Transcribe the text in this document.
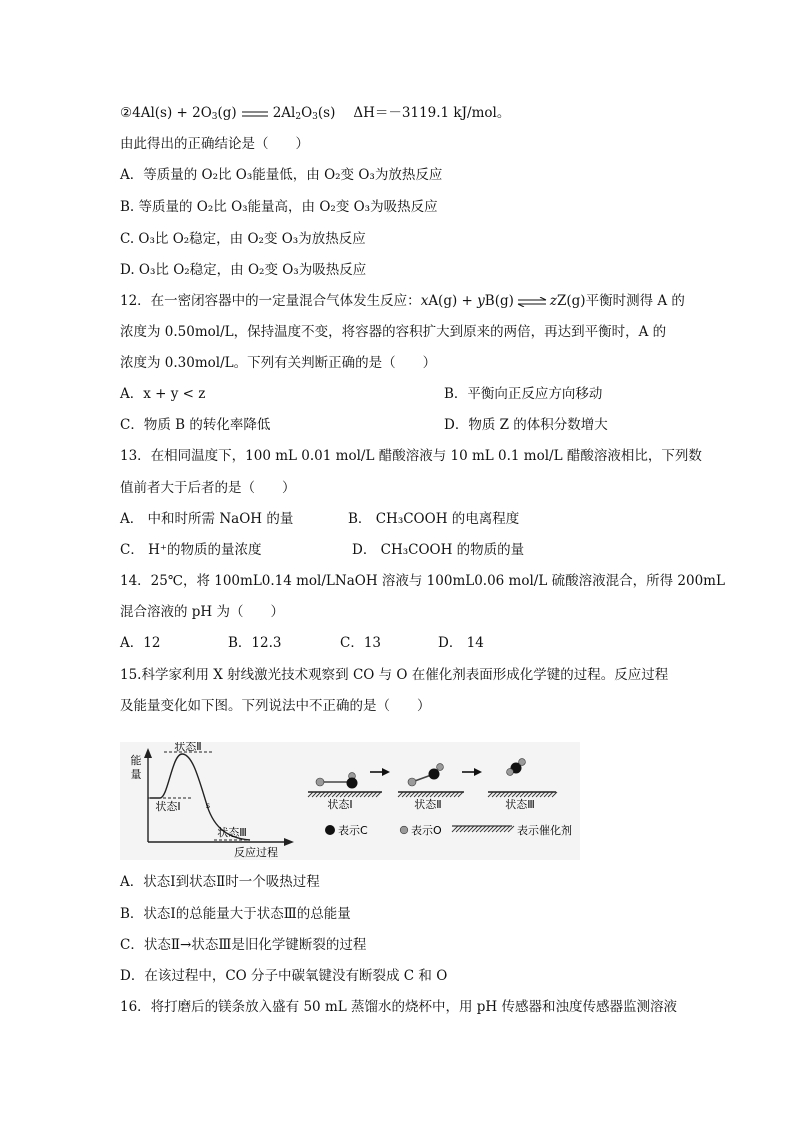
②4Al(s) + $2O_3(g)$	$2Al_2O_3(s)$ ΔH＝－3119.1 kJ/mol。
由此得出的正确结论是（　　）
A．等质量的 O₂比 O₃能量低，由 O₂变 O₃为放热反应
B. 等质量的 O₂比 O₃能量高，由 O₂变 O₃为吸热反应
C. O₃比 O₂稳定，由 O₂变 O₃为放热反应
D. O₃比 O₂稳定，由 O₂变 O₃为吸热反应
12．在一密闭容器中的一定量混合气体发生反应：xA(g) + yB(g) ⇌ zZ(g)平衡时测得 A 的
浓度为 0.50mol/L，保持温度不变，将容器的容积扩大到原来的两倍，再达到平衡时，A 的
浓度为 0.30mol/L。下列有关判断正确的是（　　）
A．x + y < z	B．平衡向正反应方向移动
C．物质 B 的转化率降低	D．物质 Z 的体积分数增大
13．在相同温度下，100 mL 0.01 mol/L 醋酸溶液与 10 mL 0.1 mol/L 醋酸溶液相比，下列数
值前者大于后者的是（　　）
A． 中和时所需 NaOH 的量	B． CH₃COOH 的电离程度
C． H⁺的物质的量浓度	D． CH₃COOH 的物质的量
14．25℃，将 100mL0.14 mol/LNaOH 溶液与 100mL0.06 mol/L 硫酸溶液混合，所得 200mL
混合溶液的 pH 为（　　）
A．12	B．12.3	C．13	D． 14
15.科学家利用 X 射线激光技术观察到 CO 与 O 在催化剂表面形成化学键的过程。反应过程
及能量变化如下图。下列说法中不正确的是（　　）
能
量
反应过程
状态Ⅱ
状态Ⅰ
状态Ⅲ
s	状态Ⅰ	状态Ⅱ	状态Ⅲ
表示C	表示O	表示催化剂
A．状态Ⅰ到状态Ⅱ时一个吸热过程
B．状态Ⅰ的总能量大于状态Ⅲ的总能量
C．状态Ⅱ→状态Ⅲ是旧化学键断裂的过程
D．在该过程中，CO 分子中碳氧键没有断裂成 C 和 O
16．将打磨后的镁条放入盛有 50 mL 蒸馏水的烧杯中，用 pH 传感器和浊度传感器监测溶液
